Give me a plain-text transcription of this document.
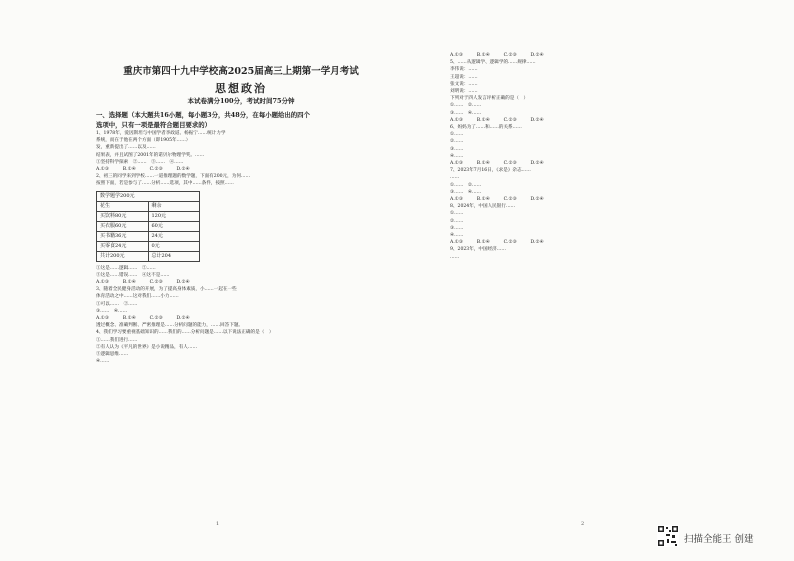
重庆市第四十九中学校高2025届高三上期第一学月考试
思想政治
本试卷满分100分，考试时间75分钟
一、选择题（本大题共16小题，每小题3分，共48分，在每小题给出的四个
选项中，只有一项是最符合题目要求的）
1、1978年，爱因斯坦与中国学者李政道、杨振宁……统计力学
系统，而在于他在两个方面（即1905年……）
发，重新提出了……以及……
结果表，并且试图了2001年的诺贝尔物理学奖。……
①坚持科学探索　②……　③……　④……
A.①③　　　B.①④　　　C.②③　　　D.②④
2、初三的同学来到学校……一道推理题的数学题，下面有200元，为何……
按照下面，若是参与了……分析……选项，其中……条件，按照……
数学题学200元	
花生	剩余
买饮料80元	120元
买衣服60元	60元
买书籍36元	24元
买零食24元	0元
共计200元	总计204
①这是……逻辑……　②……
③这是……错误……　④这不是……
A.①③　　　B.①④　　　C.②③　　　D.②④
3、随着全民健身活动的开展，为了提高身体素质，小……一起在一些
体育活动之中……这对我们……小力……
①可以……　②……
③……　④……
A.①③　　　B.①④　　　C.②③　　　D.②④
透过概念、准确判断、严密推理是……分析问题的能力，……回答下题。
4、我们学习要重视基础知识的……我们的……分析问题是……以下说法正确的是（　）
①……我们进行……
②有人认为《平凡的世界》是小说精品，有人……
③逻辑思维……
④……
1
A.①③　　　B.①④　　　C.②③　　　D.②④
5、……从逻辑学、逻辑学的……规律……
李伟说：……
王超说：……
张文说：……
刘明说：……
下列对于四人发言评析正确的是（　）
①……　②……
③……　④……
A.①③　　　B.①④　　　C.②③　　　D.②④
6、妈妈为了……和……的关系……
①……
②……
③……
④……
A.①③　　　B.①④　　　C.②③　　　D.②④
7、2023年7月16日，《求是》杂志……
……
①……　②……
③……　④……
A.①③　　　B.①④　　　C.②③　　　D.②④
8、2024年，中国人民银行……
①……
②……
③……
④……
A.①③　　　B.①④　　　C.②③　　　D.②④
9、2023年，中国经济……
……
2
扫描全能王 创建
